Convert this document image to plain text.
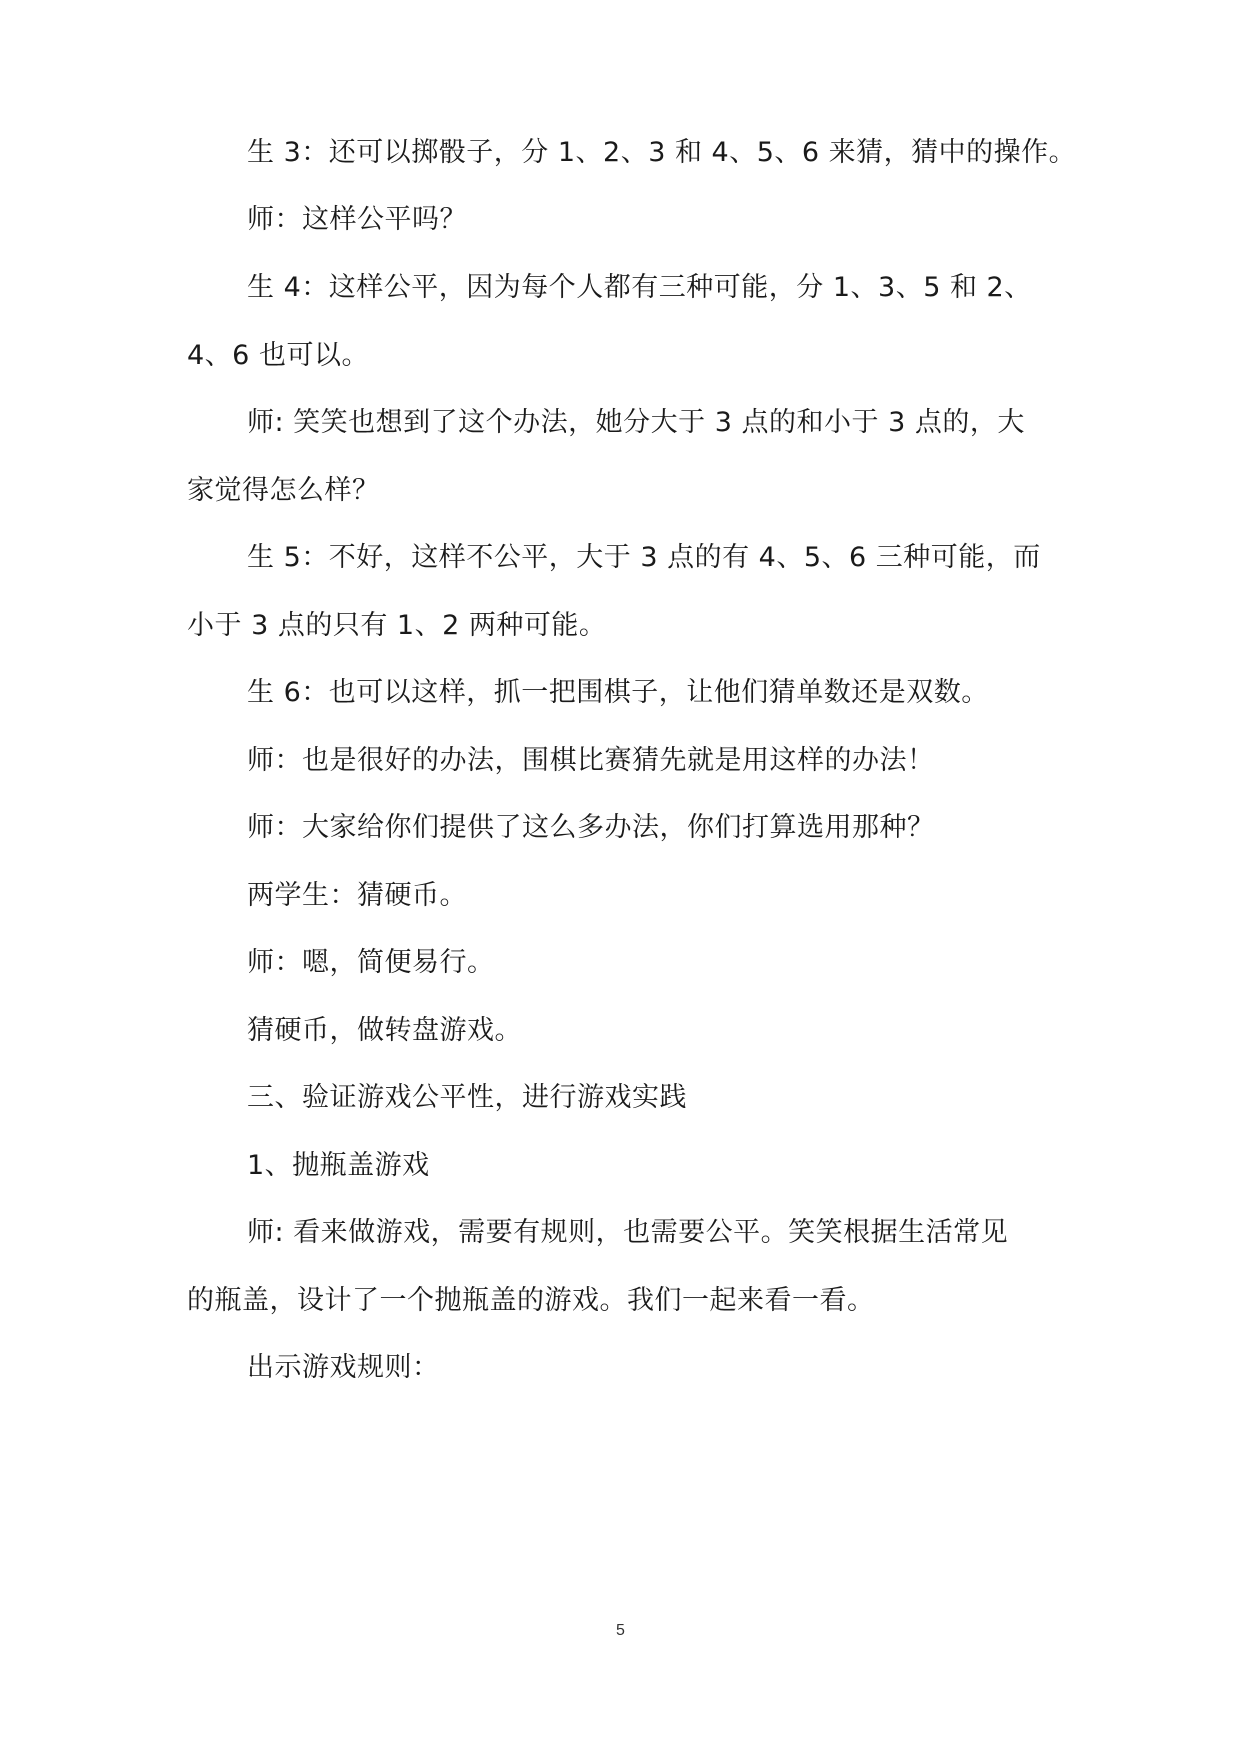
生 3：还可以掷骰子，分 1、2、3 和 4、5、6 来猜，猜中的操作。
师：这样公平吗？
生 4：这样公平，因为每个人都有三种可能，分 1、3、5 和 2、
4、6 也可以。
师: 笑笑也想到了这个办法，她分大于 3 点的和小于 3 点的，大
家觉得怎么样？
生 5：不好，这样不公平，大于 3 点的有 4、5、6 三种可能，而
小于 3 点的只有 1、2 两种可能。
生 6：也可以这样，抓一把围棋子，让他们猜单数还是双数。
师：也是很好的办法，围棋比赛猜先就是用这样的办法！
师：大家给你们提供了这么多办法，你们打算选用那种？
两学生：猜硬币。
师：嗯，简便易行。
猜硬币，做转盘游戏。
三、验证游戏公平性，进行游戏实践
1、抛瓶盖游戏
师: 看来做游戏，需要有规则，也需要公平。笑笑根据生活常见
的瓶盖，设计了一个抛瓶盖的游戏。我们一起来看一看。
出示游戏规则：
5
